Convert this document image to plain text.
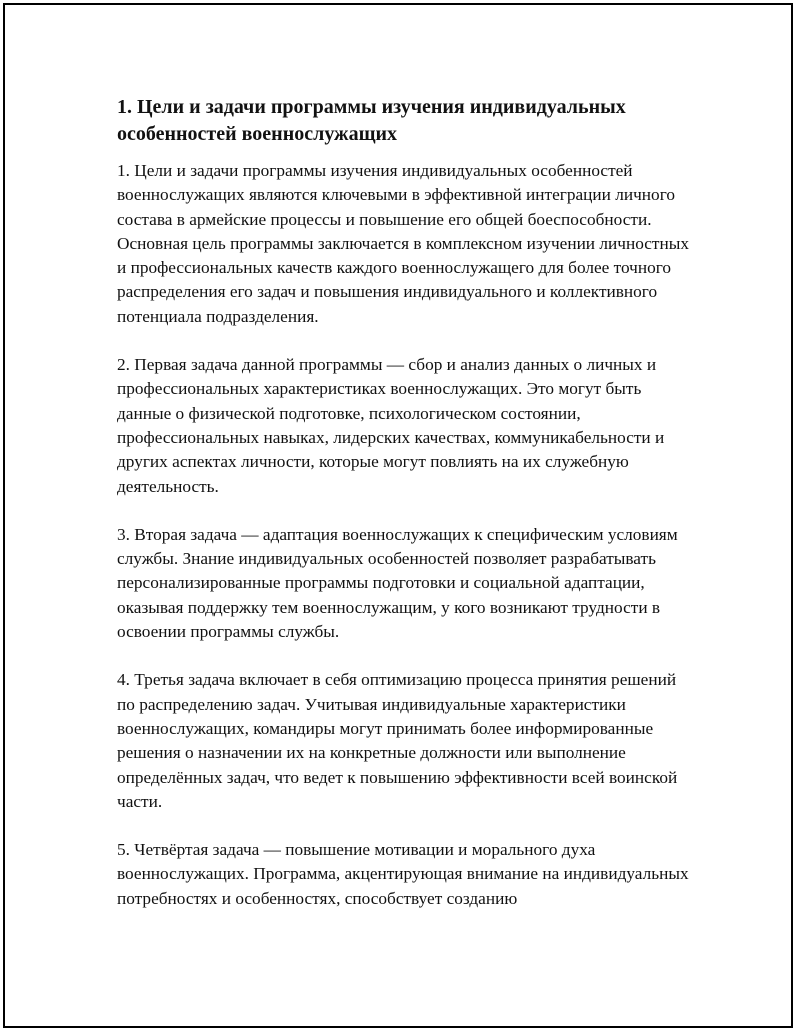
1. Цели и задачи программы изучения индивидуальных особенностей военнослужащих

1. Цели и задачи программы изучения индивидуальных особенностей военнослужащих являются ключевыми в эффективной интеграции личного состава в армейские процессы и повышение его общей боеспособности. Основная цель программы заключается в комплексном изучении личностных и профессиональных качеств каждого военнослужащего для более точного распределения его задач и повышения индивидуального и коллективного потенциала подразделения.

2. Первая задача данной программы — сбор и анализ данных о личных и профессиональных характеристиках военнослужащих. Это могут быть данные о физической подготовке, психологическом состоянии, профессиональных навыках, лидерских качествах, коммуникабельности и других аспектах личности, которые могут повлиять на их служебную деятельность.

3. Вторая задача — адаптация военнослужащих к специфическим условиям службы. Знание индивидуальных особенностей позволяет разрабатывать персонализированные программы подготовки и социальной адаптации, оказывая поддержку тем военнослужащим, у кого возникают трудности в освоении программы службы.

4. Третья задача включает в себя оптимизацию процесса принятия решений по распределению задач. Учитывая индивидуальные характеристики военнослужащих, командиры могут принимать более информированные решения о назначении их на конкретные должности или выполнение определённых задач, что ведет к повышению эффективности всей воинской части.

5. Четвёртая задача — повышение мотивации и морального духа военнослужащих. Программа, акцентирующая внимание на индивидуальных потребностях и особенностях, способствует созданию
